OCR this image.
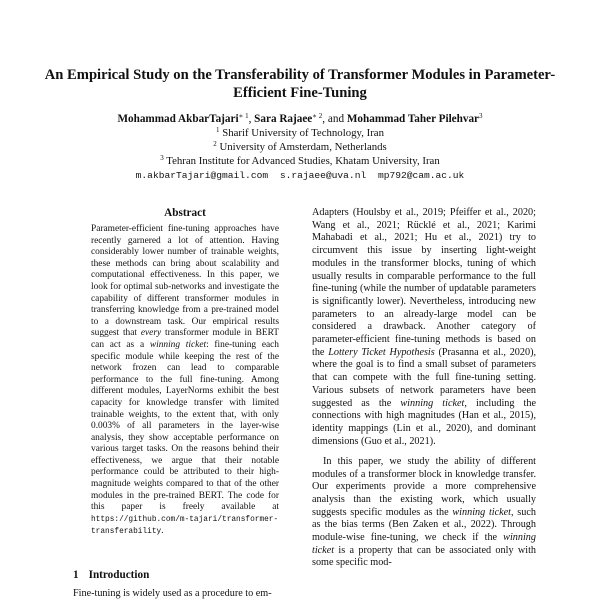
An Empirical Study on the Transferability of Transformer Modules in Parameter-Efficient Fine-Tuning
Mohammad AkbarTajari$^{∗ 1}$, Sara Rajaee$^{∗ 2}$, and Mohammad Taher Pilehvar$^3$
$^1$ Sharif University of Technology, Iran
$^2$ University of Amsterdam, Netherlands
$^3$ Tehran Institute for Advanced Studies, Khatam University, Iran
m.akbarTajari@gmail.com s.rajaee@uva.nl mp792@cam.ac.uk
Abstract
Parameter-efficient fine-tuning approaches have recently garnered a lot of attention. Having considerably lower number of trainable weights, these methods can bring about scalability and computational effectiveness. In this paper, we look for optimal sub-networks and investigate the capability of different transformer modules in transferring knowledge from a pre-trained model to a downstream task. Our empirical results suggest that every transformer module in BERT can act as a winning ticket: fine-tuning each specific module while keeping the rest of the network frozen can lead to comparable performance to the full fine-tuning. Among different modules, LayerNorms exhibit the best capacity for knowledge transfer with limited trainable weights, to the extent that, with only 0.003% of all parameters in the layer-wise analysis, they show acceptable performance on various target tasks. On the reasons behind their effectiveness, we argue that their notable performance could be attributed to their high-magnitude weights compared to that of the other modules in the pre-trained BERT. The code for this paper is freely available at https://github.com/m-tajari/transformer-transferability.
1 Introduction
Fine-tuning is widely used as a procedure to em-

Adapters (Houlsby et al., 2019; Pfeiffer et al., 2020; Wang et al., 2021; Rücklé et al., 2021; Karimi Mahabadi et al., 2021; Hu et al., 2021) try to circumvent this issue by inserting light-weight modules in the transformer blocks, tuning of which usually results in comparable performance to the full fine-tuning (while the number of updatable parameters is significantly lower). Nevertheless, introducing new parameters to an already-large model can be considered a drawback. Another category of parameter-efficient fine-tuning methods is based on the Lottery Ticket Hypothesis (Prasanna et al., 2020), where the goal is to find a small subset of parameters that can compete with the full fine-tuning setting. Various subsets of network parameters have been suggested as the winning ticket, including the connections with high magnitudes (Han et al., 2015), identity mappings (Lin et al., 2020), and dominant dimensions (Guo et al., 2021).

In this paper, we study the ability of different modules of a transformer block in knowledge transfer. Our experiments provide a more comprehensive analysis than the existing work, which usually suggests specific modules as the winning ticket, such as the bias terms (Ben Zaken et al., 2022). Through module-wise fine-tuning, we check if the winning ticket is a property that can be associated only with some specific mod-
